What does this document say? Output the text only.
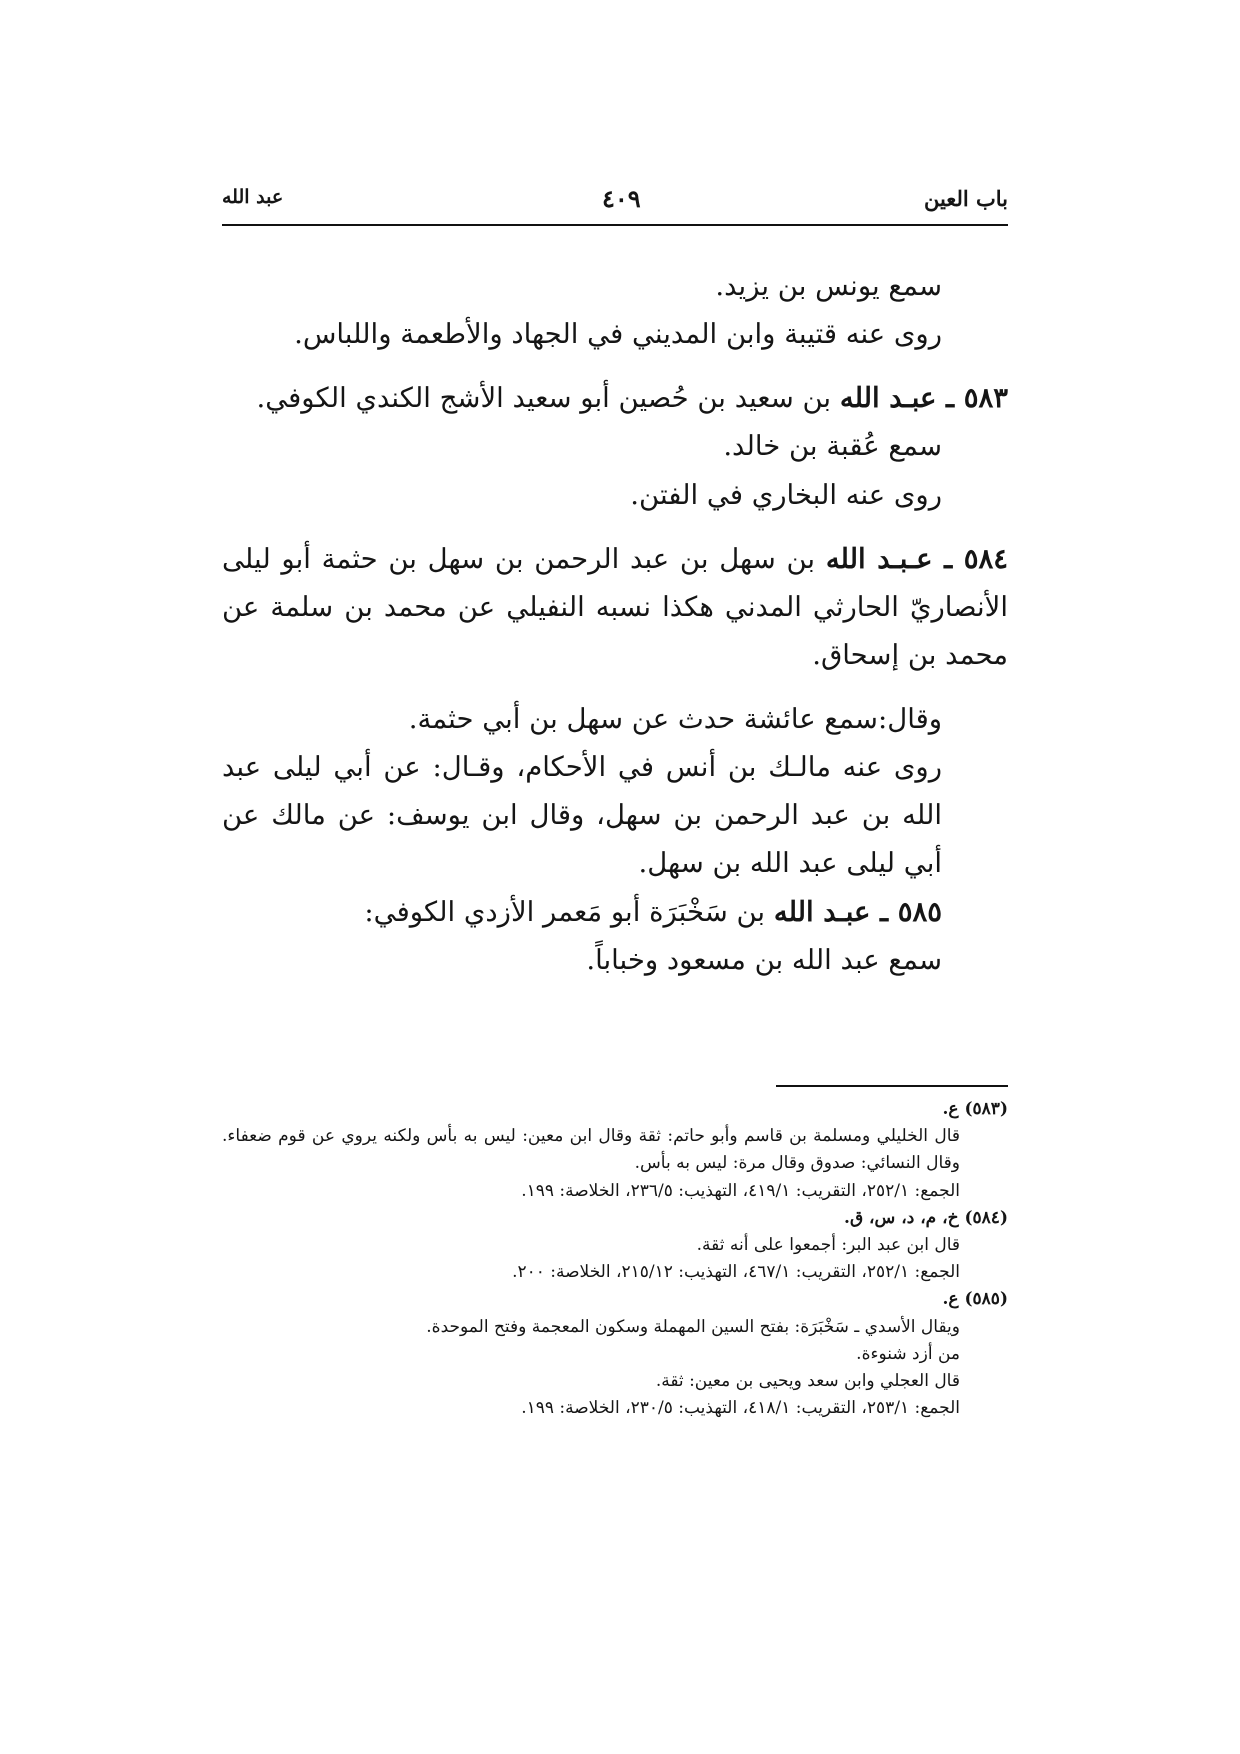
باب العين
٤٠٩
عبد الله

سمع يونس بن يزيد.

روى عنه قتيبة وابن المديني في الجهاد والأطعمة واللباس.

٥٨٣ ـ عبـد الله بن سعيد بن حُصين أبو سعيد الأشج الكندي الكوفي.

سمع عُقبة بن خالد.

روى عنه البخاري في الفتن.

٥٨٤ ـ عـبـد الله بن سهل بن عبد الرحمن بن سهل بن حثمة أبو ليلى الأنصاريّ الحارثي المدني هكذا نسبه النفيلي عن محمد بن سلمة عن محمد بن إسحاق.

وقال:سمع عائشة حدث عن سهل بن أبي حثمة.

روى عنه مالـك بن أنس في الأحكام، وقـال: عن أبي ليلى عبد الله بن عبد الرحمن بن سهل، وقال ابن يوسف: عن مالك عن أبي ليلى عبد الله بن سهل.

٥٨٥ ـ عبـد الله بن سَخْبَرَة أبو مَعمر الأزدي الكوفي:

سمع عبد الله بن مسعود وخباباً.

(٥٨٣) ع.

قال الخليلي ومسلمة بن قاسم وأبو حاتم: ثقة وقال ابن معين: ليس به بأس ولكنه يروي عن قوم ضعفاء. وقال النسائي: صدوق وقال مرة: ليس به بأس.

الجمع: ٢٥٢/١، التقريب: ٤١٩/١، التهذيب: ٢٣٦/٥، الخلاصة: ١٩٩.

(٥٨٤) خ، م، د، س، ق.

قال ابن عبد البر: أجمعوا على أنه ثقة.

الجمع: ٢٥٢/١، التقريب: ٤٦٧/١، التهذيب: ٢١٥/١٢، الخلاصة: ٢٠٠.

(٥٨٥) ع.

ويقال الأسدي ـ سَخْبَرَة: بفتح السين المهملة وسكون المعجمة وفتح الموحدة.

من أزد شنوءة.

قال العجلي وابن سعد ويحيى بن معين: ثقة.

الجمع: ٢٥٣/١، التقريب: ٤١٨/١، التهذيب: ٢٣٠/٥، الخلاصة: ١٩٩.
